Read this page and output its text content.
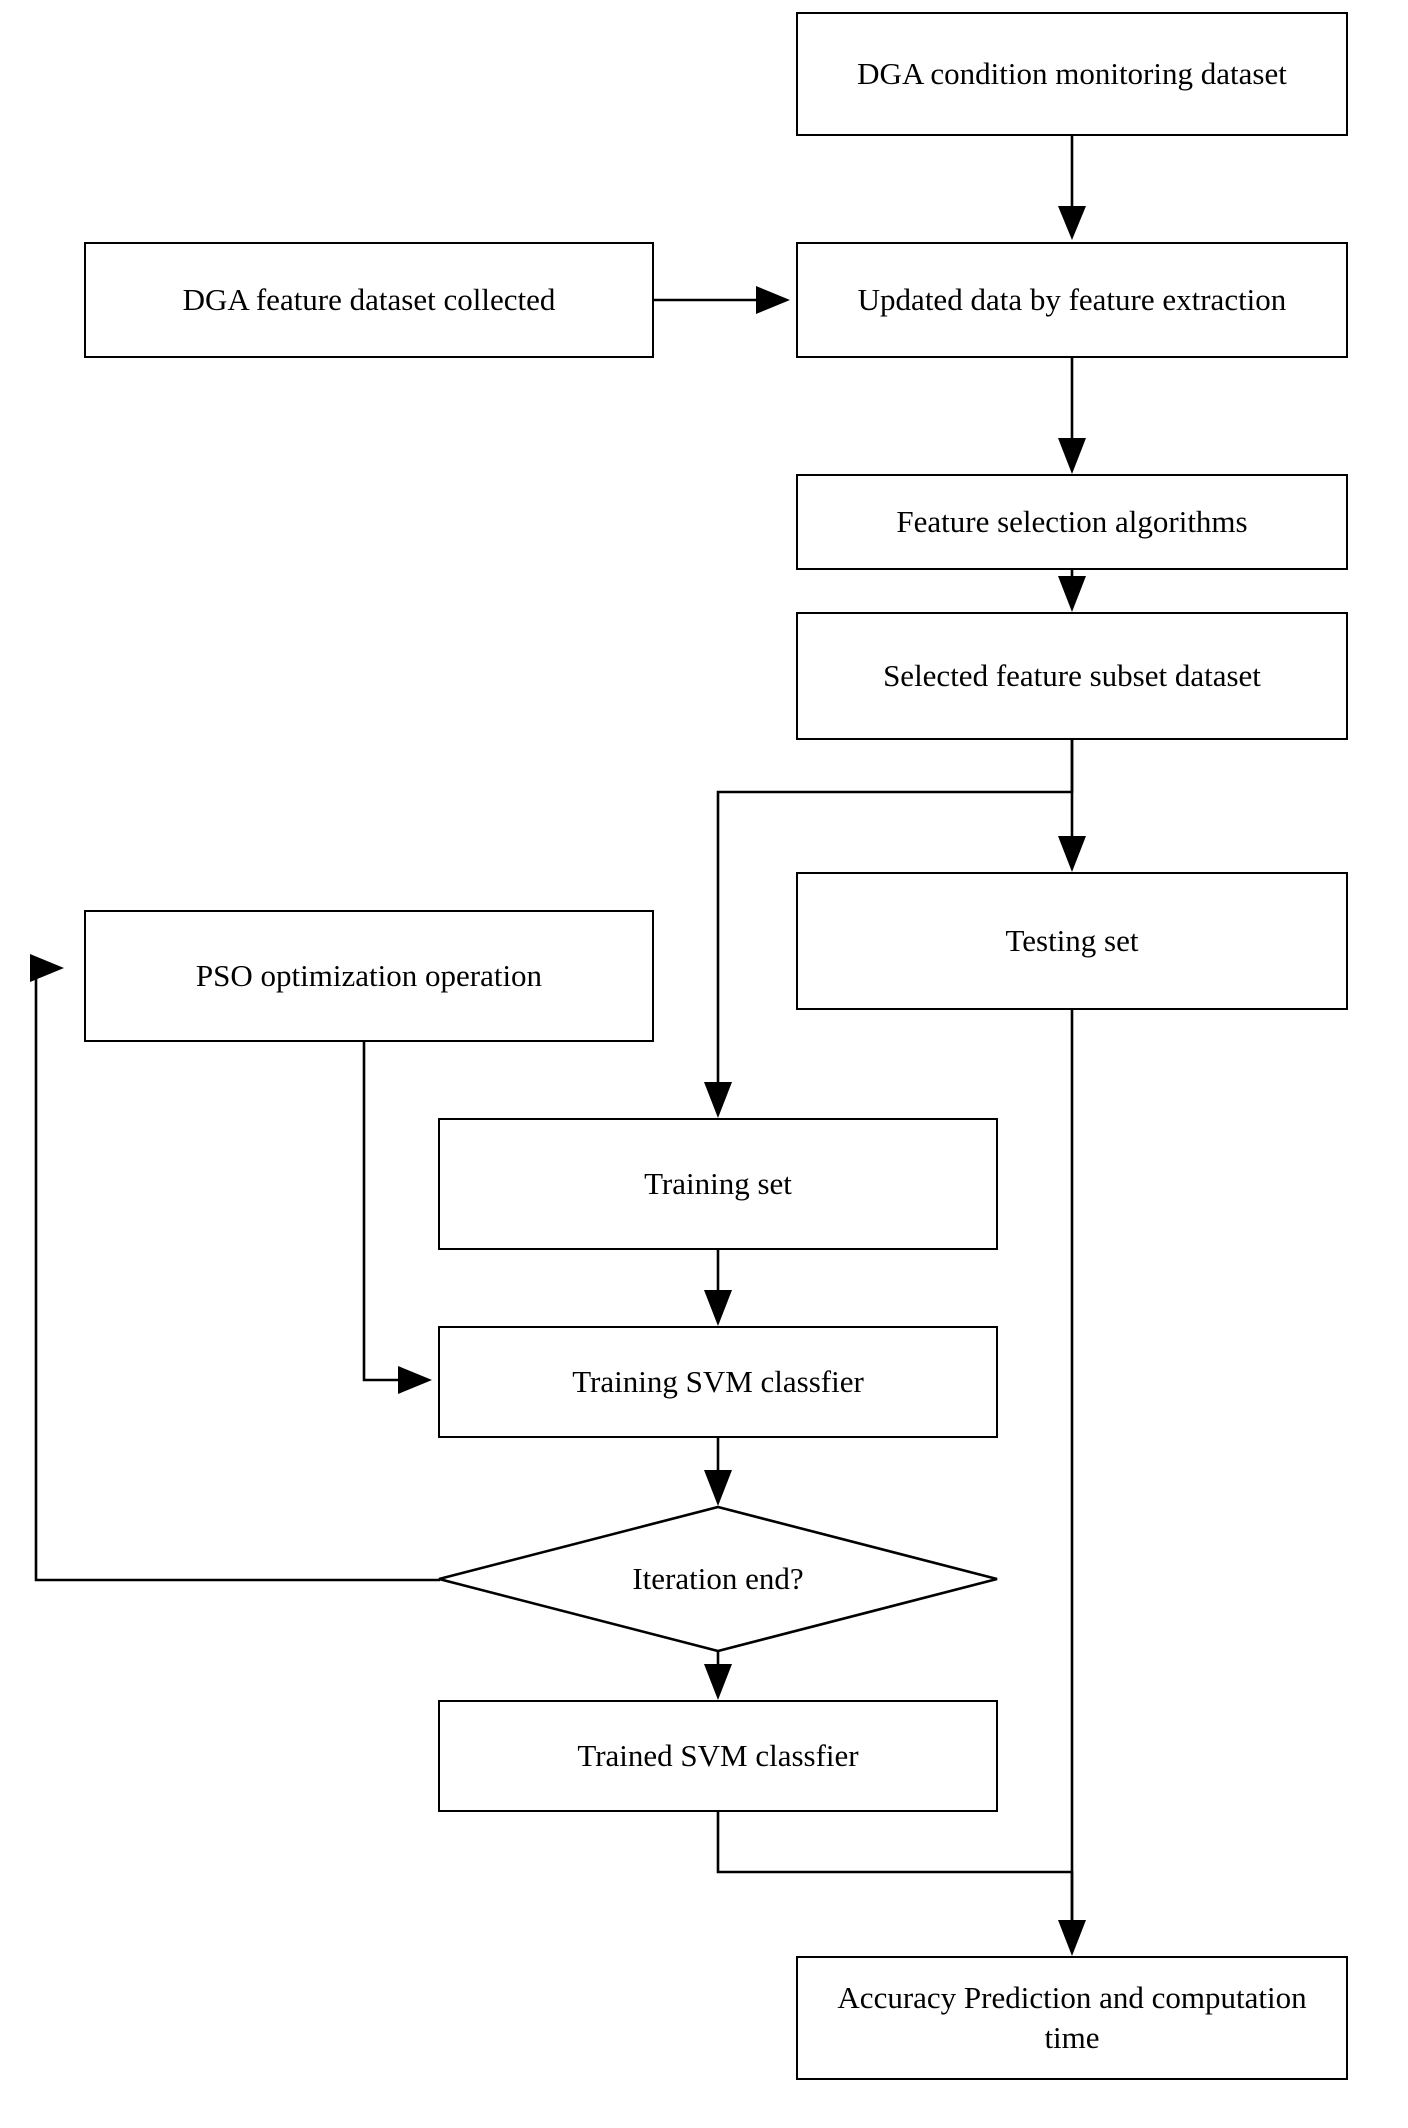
DGA condition monitoring dataset
DGA feature dataset collected	Updated data by feature extraction
Feature selection algorithms
Selected feature subset dataset
Testing set
PSO optimization operation
Training set
Training SVM classfier
Iteration end?
Trained SVM classfier
Accuracy Prediction and computation time
